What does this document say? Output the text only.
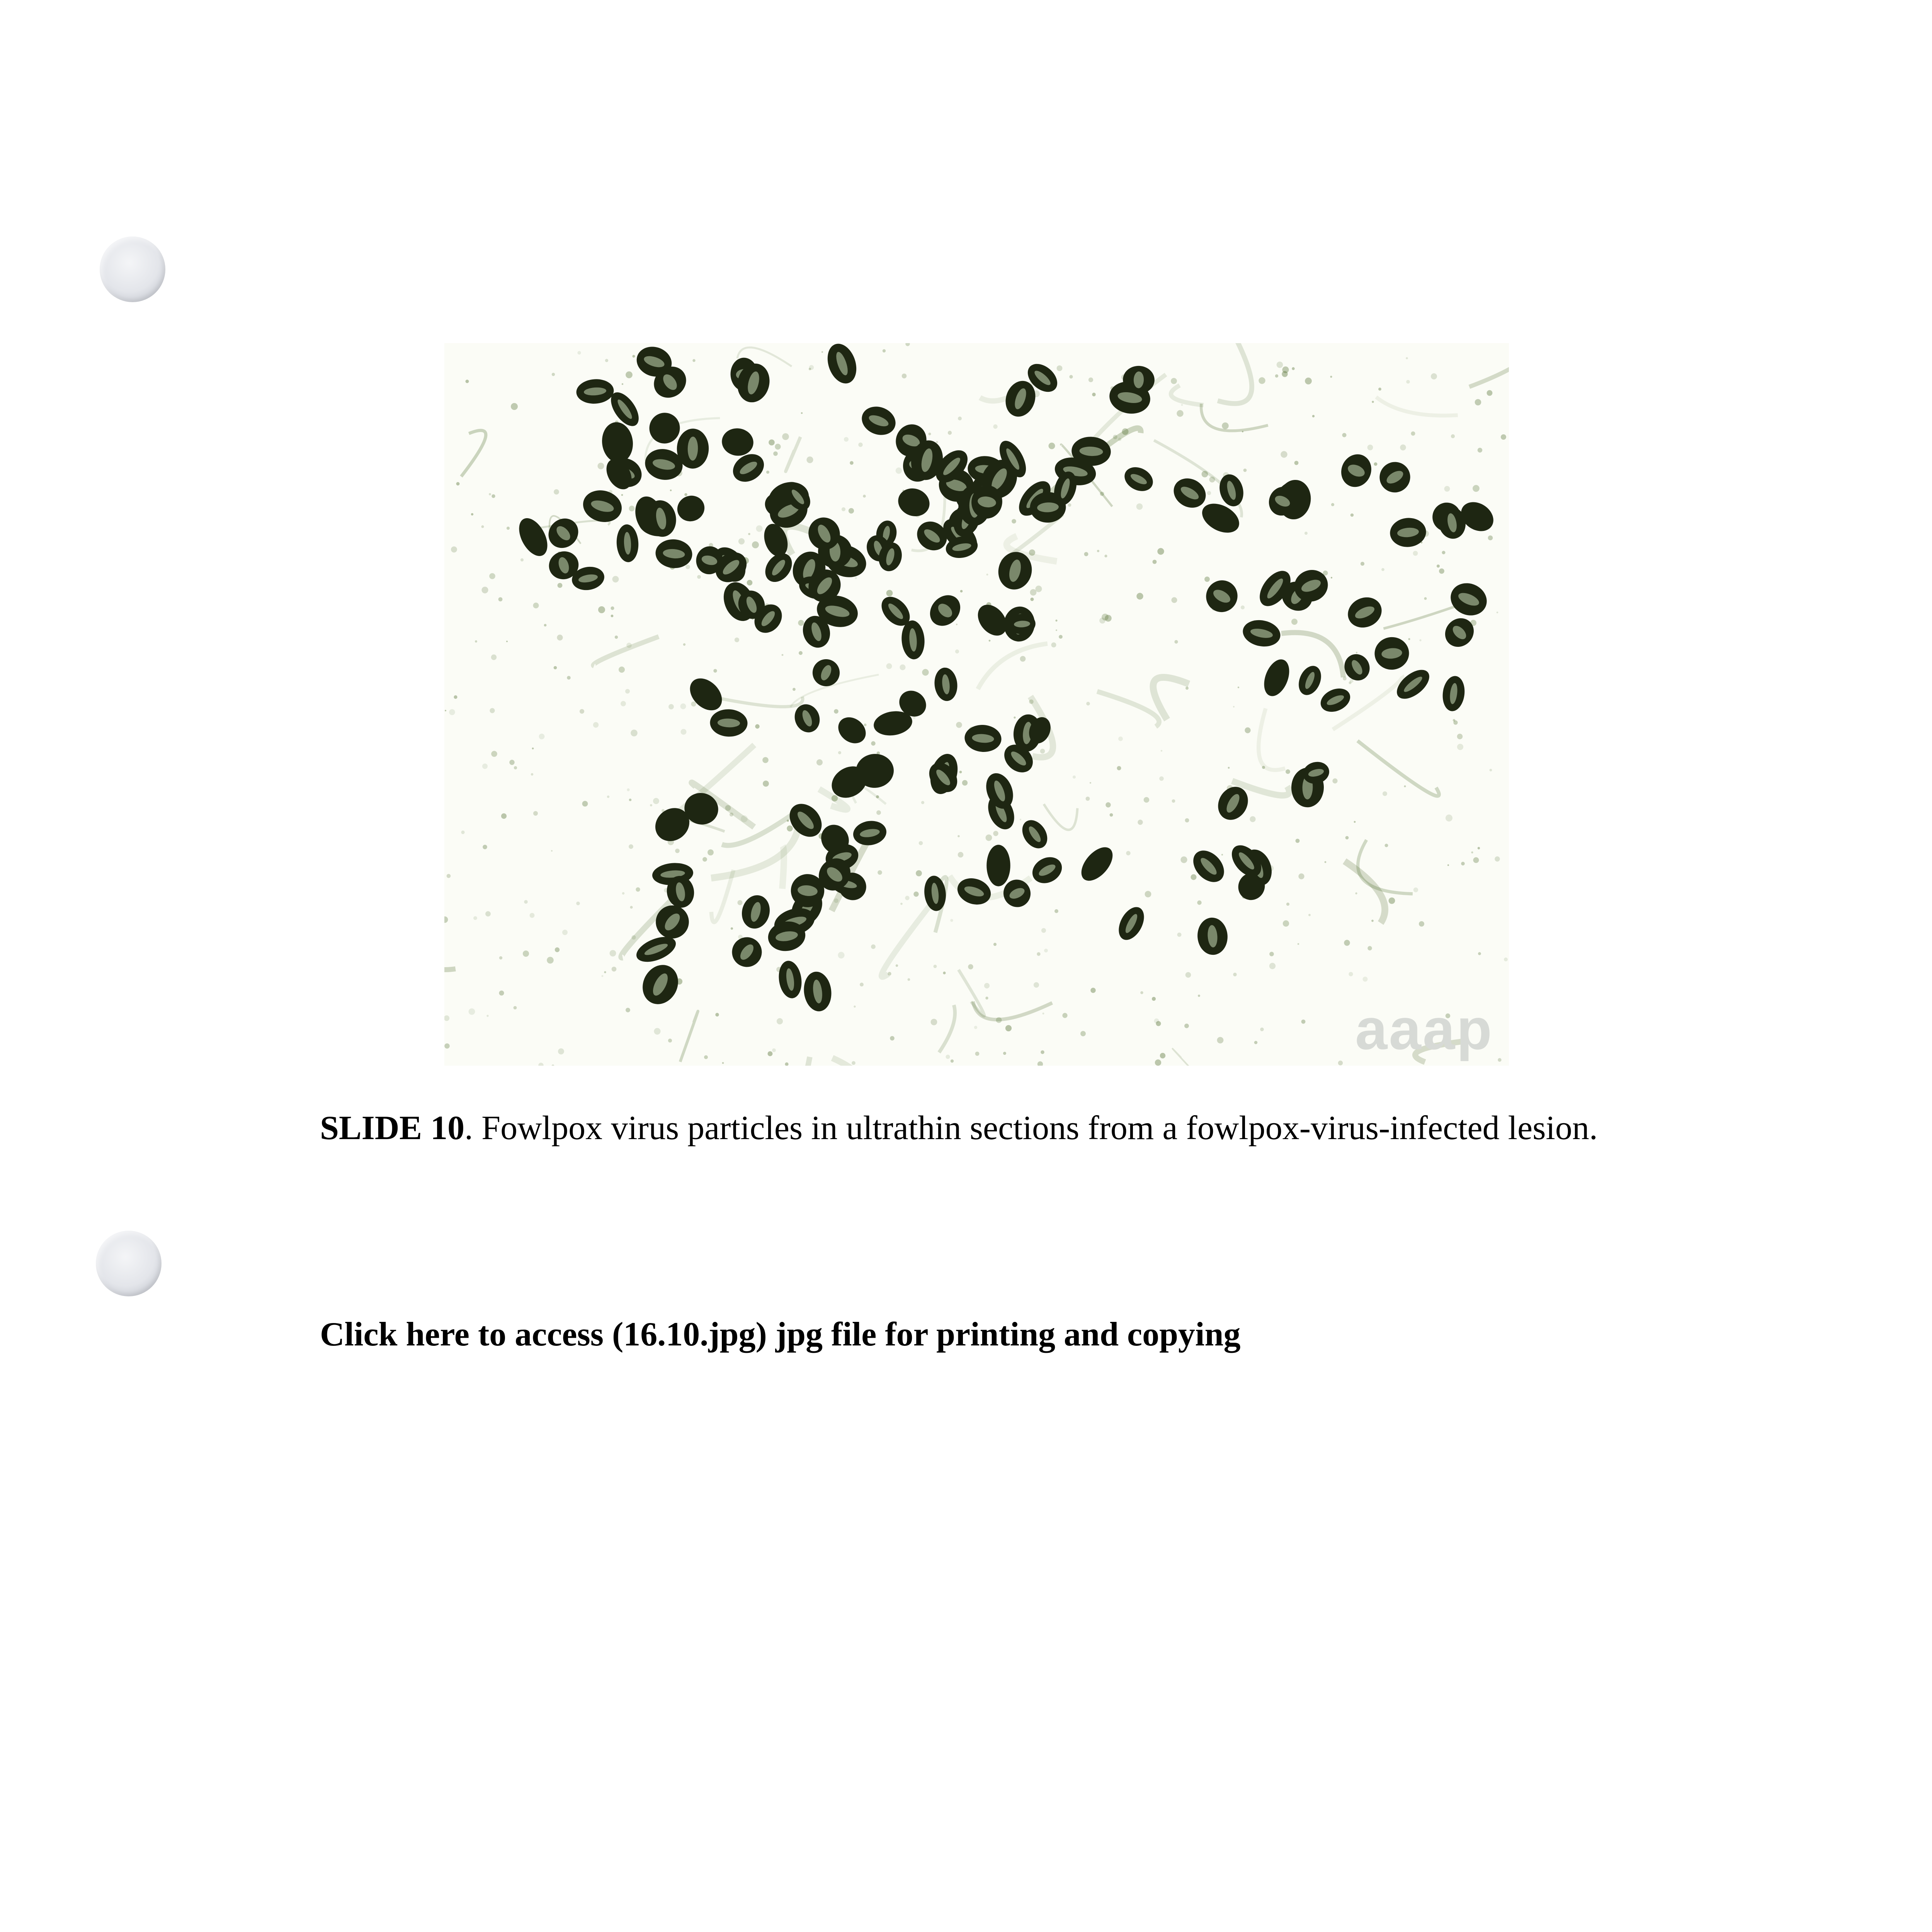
aaap
SLIDE 10. Fowlpox virus particles in ultrathin sections from a fowlpox-virus-infected lesion.
Click here to access (16.10.jpg) jpg file for printing and copying
